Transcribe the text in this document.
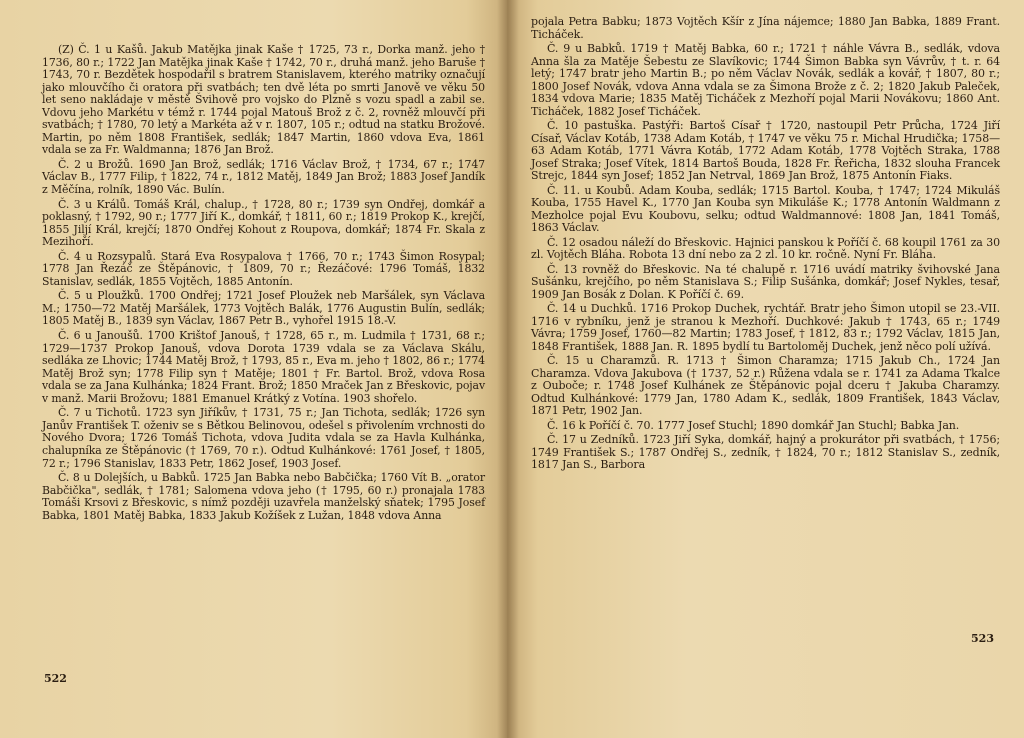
(Z) Č. 1 u Kašů. Jakub Matějka jinak Kaše † 1725, 73 r., Dorka manž. jeho † 1736, 80 r.; 1722 Jan Matějka jinak Kaše † 1742, 70 r., druhá manž. jeho Baruše † 1743, 70 r. Bezdětek hospodařil s bratrem Stanislavem, kterého matriky označují jako mlouvčího či oratora při svatbách; ten dvě léta po smrti Janově ve věku 50 let seno nakládaje v městě Švihově pro vojsko do Plzně s vozu spadl a zabil se. Vdovu jeho Markétu v témž r. 1744 pojal Matouš Brož z č. 2, rovněž mlouvčí při svatbách; † 1780, 70 letý a Markéta až v r. 1807, 105 r.; odtud na statku Brožové. Martin, po něm 1808 František, sedlák; 1847 Martin, 1860 vdova Eva, 1861 vdala se za Fr. Waldmanna; 1876 Jan Brož.

Č. 2 u Brožů. 1690 Jan Brož, sedlák; 1716 Václav Brož, † 1734, 67 r.; 1747 Václav B., 1777 Filip, † 1822, 74 r., 1812 Matěj, 1849 Jan Brož; 1883 Josef Jandík z Měčína, rolník, 1890 Vác. Bulín.

Č. 3 u Králů. Tomáš Král, chalup., † 1728, 80 r.; 1739 syn Ondřej, domkář a poklasný, † 1792, 90 r.; 1777 Jiří K., domkář, † 1811, 60 r.; 1819 Prokop K., krejčí, 1855 Jiljí Král, krejčí; 1870 Ondřej Kohout z Roupova, domkář; 1874 Fr. Skala z Mezihoří.

Č. 4 u Rozsypalů. Stará Eva Rosypalova † 1766, 70 r.; 1743 Šimon Rosypal; 1778 Jan Řezáč ze Štěpánovic, † 1809, 70 r.; Řezáčové: 1796 Tomáš, 1832 Stanislav, sedlák, 1855 Vojtěch, 1885 Antonín.

Č. 5 u Ploužků. 1700 Ondřej; 1721 Josef Ploužek neb Maršálek, syn Václava M.; 1750—72 Matěj Maršálek, 1773 Vojtěch Balák, 1776 Augustin Bulín, sedlák; 1805 Matěj B., 1839 syn Václav, 1867 Petr B., vyhořel 1915 18.-V.

Č. 6 u Janoušů. 1700 Krištof Janouš, † 1728, 65 r., m. Ludmila † 1731, 68 r.; 1729—1737 Prokop Janouš, vdova Dorota 1739 vdala se za Václava Skálu, sedláka ze Lhovic; 1744 Matěj Brož, † 1793, 85 r., Eva m. jeho † 1802, 86 r.; 1774 Matěj Brož syn; 1778 Filip syn † Matěje; 1801 † Fr. Bartol. Brož, vdova Rosa vdala se za Jana Kulhánka; 1824 Frant. Brož; 1850 Mraček Jan z Břeskovic, pojav v manž. Marii Brožovu; 1881 Emanuel Krátký z Votína. 1903 shořelo.

Č. 7 u Tichotů. 1723 syn Jiříkův, † 1731, 75 r.; Jan Tichota, sedlák; 1726 syn Janův František T. oženiv se s Bětkou Belinovou, odešel s přivolením vrchnosti do Nového Dvora; 1726 Tomáš Tichota, vdova Judita vdala se za Havla Kulhánka, chalupníka ze Štěpánovic († 1769, 70 r.). Odtud Kulhánkové: 1761 Josef, † 1805, 72 r.; 1796 Stanislav, 1833 Petr, 1862 Josef, 1903 Josef.

Č. 8 u Dolejších, u Babků. 1725 Jan Babka nebo Babčička; 1760 Vít B. „orator Babčička", sedlák, † 1781; Salomena vdova jeho († 1795, 60 r.) pronajala 1783 Tomáši Krsovi z Břeskovic, s nímž později uzavřela manželský sňatek; 1795 Josef Babka, 1801 Matěj Babka, 1833 Jakub Kožíšek z Lužan, 1848 vdova Anna

522

pojala Petra Babku; 1873 Vojtěch Kšír z Jína nájemce; 1880 Jan Babka, 1889 Frant. Ticháček.

Č. 9 u Babků. 1719 † Matěj Babka, 60 r.; 1721 † náhle Vávra B., sedlák, vdova Anna šla za Matěje Šebestu ze Slavíkovic; 1744 Šimon Babka syn Vávrův, † t. r. 64 letý; 1747 bratr jeho Martin B.; po něm Václav Novák, sedlák a kovář, † 1807, 80 r.; 1800 Josef Novák, vdova Anna vdala se za Šimona Brože z č. 2; 1820 Jakub Paleček, 1834 vdova Marie; 1835 Matěj Ticháček z Mezhoří pojal Marii Novákovu; 1860 Ant. Ticháček, 1882 Josef Ticháček.

Č. 10 pastuška. Pastýři: Bartoš Císař † 1720, nastoupil Petr Průcha, 1724 Jiří Císař, Václav Kotáb, 1738 Adam Kotáb, † 1747 ve věku 75 r. Michal Hrudička; 1758—63 Adam Kotáb, 1771 Vávra Kotáb, 1772 Adam Kotáb, 1778 Vojtěch Straka, 1788 Josef Straka; Josef Vítek, 1814 Bartoš Bouda, 1828 Fr. Řeřicha, 1832 slouha Francek Strejc, 1844 syn Josef; 1852 Jan Netrval, 1869 Jan Brož, 1875 Antonín Fiaks.

Č. 11. u Koubů. Adam Kouba, sedlák; 1715 Bartol. Kouba, † 1747; 1724 Mikuláš Kouba, 1755 Havel K., 1770 Jan Kouba syn Mikuláše K.; 1778 Antonín Waldmann z Mezholce pojal Evu Koubovu, selku; odtud Waldmannové: 1808 Jan, 1841 Tomáš, 1863 Václav.

Č. 12 osadou náleží do Břeskovic. Hajnici panskou k Poříčí č. 68 koupil 1761 za 30 zl. Vojtěch Bláha. Robota 13 dní nebo za 2 zl. 10 kr. ročně. Nyní Fr. Bláha.

Č. 13 rovněž do Břeskovic. Na té chalupě r. 1716 uvádí matriky švihovské Jana Sušánku, krejčího, po něm Stanislava S.; Filip Sušánka, domkář; Josef Nykles, tesař, 1909 Jan Bosák z Dolan. K Poříčí č. 69.

Č. 14 u Duchků. 1716 Prokop Duchek, rychtář. Bratr jeho Šimon utopil se 23.-VII. 1716 v rybníku, jenž je stranou k Mezhoří. Duchkové: Jakub † 1743, 65 r.; 1749 Vávra; 1759 Josef, 1760—82 Martin; 1783 Josef, † 1812, 83 r.; 1792 Václav, 1815 Jan, 1848 František, 1888 Jan. R. 1895 bydlí tu Bartoloměj Duchek, jenž něco polí užívá.

Č. 15 u Charamzů. R. 1713 † Šimon Charamza; 1715 Jakub Ch., 1724 Jan Charamza. Vdova Jakubova († 1737, 52 r.) Růžena vdala se r. 1741 za Adama Tkalce z Ouboče; r. 1748 Josef Kulhánek ze Štěpánovic pojal dceru † Jakuba Charamzy. Odtud Kulhánkové: 1779 Jan, 1780 Adam K., sedlák, 1809 František, 1843 Václav, 1871 Petr, 1902 Jan.

Č. 16 k Poříčí č. 70. 1777 Josef Stuchl; 1890 domkář Jan Stuchl; Babka Jan.

Č. 17 u Zedníků. 1723 Jiří Syka, domkář, hajný a prokurátor při svatbách, † 1756; 1749 František S.; 1787 Ondřej S., zedník, † 1824, 70 r.; 1812 Stanislav S., zedník, 1817 Jan S., Barbora

523
